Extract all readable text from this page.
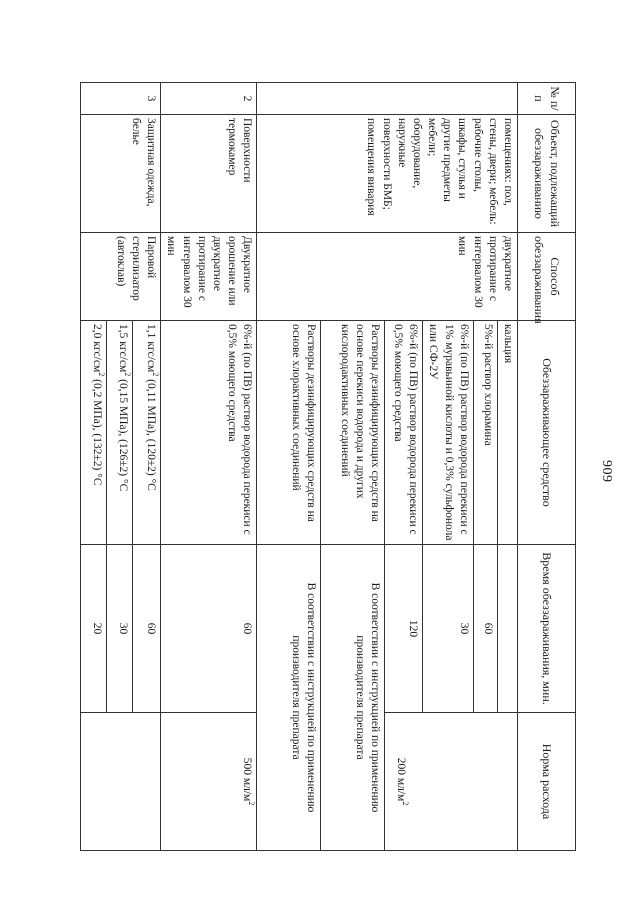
909
№ п/п	Объект, подлежащий обеззараживанию	Способ обеззараживания	Обеззараживающее средство	Время обеззараживания, мин.	Норма расхода
	помещениях: пол, стены, двери; мебель: рабочие столы, шкафы, стулья и другие предметы мебели; оборудование, наружные поверхности БМБ; помещения вивария	двукратное протирание с интервалом 30 мин	кальция		200 $мл/м^2$
			5%-й раствор хлорамина	60	
			6%-й (по ПВ) раствор водорода перекиси с 1% муравьиной кислоты и 0,3% сульфонола или СФ-2У	30	
			6%-й (по ПВ) раствор водорода перекиси с 0,5% моющего средства	120	
			Растворы дезинфицирующих средств на основе перекиси водорода и других кислородактивных соединений	В соответствии с инструкцией по применению производителя препарата	
			Растворы дезинфицирующих средств на основе хлорактивных соединений	В соответствии с инструкцией по применению производителя препарата	
2	Поверхности термокамер	Двукратное орошение или двукратное протирание с интервалом 30 мин	6%-й (по ПВ) раствор водорода перекиси с 0,5% моющего средства	60	500 $мл/м^2$
3	Защитная одежда, белье	Паровой стерилизатор (автоклав)	1,1 кгс/$см^2$ (0,11 МПа), (120±2) °С	60	
			1,5 кгс/$см^2$ (0,15 МПа), (126±2) °С	30	
			2,0 кгс/$см^2$ (0,2 МПа), (132±2) °С	20	
